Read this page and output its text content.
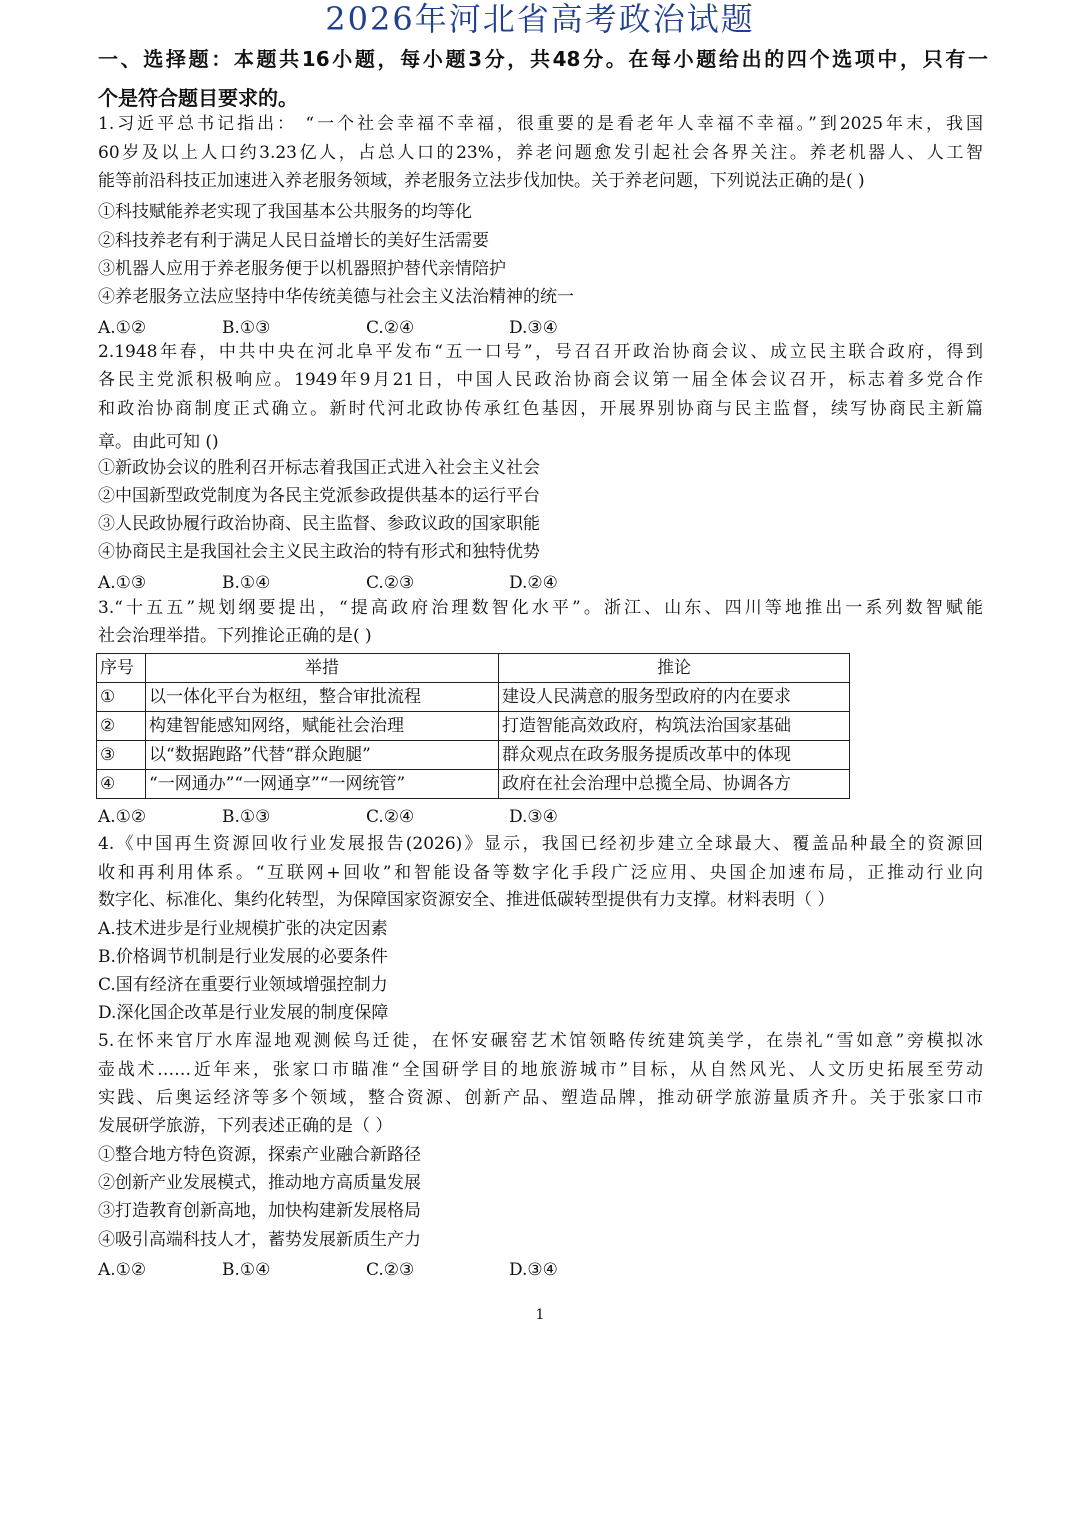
2026年河北省高考政治试题
一、选择题：本题共16小题，每小题3分，共48分。在每小题给出的四个选项中，只有一
个是符合题目要求的。
1.习近平总书记指出： “一个社会幸福不幸福，很重要的是看老年人幸福不幸福。”到2025年末，我国
60岁及以上人口约3.23亿人，占总人口的23%，养老问题愈发引起社会各界关注。养老机器人、人工智
能等前沿科技正加速进入养老服务领域，养老服务立法步伐加快。关于养老问题，下列说法正确的是( )
①科技赋能养老实现了我国基本公共服务的均等化
②科技养老有利于满足人民日益增长的美好生活需要
③机器人应用于养老服务便于以机器照护替代亲情陪护
④养老服务立法应坚持中华传统美德与社会主义法治精神的统一
A.①②	B.①③	C.②④	D.③④
2.1948年春，中共中央在河北阜平发布“五一口号”，号召召开政治协商会议、成立民主联合政府，得到
各民主党派积极响应。1949年9月21日，中国人民政治协商会议第一届全体会议召开，标志着多党合作
和政治协商制度正式确立。新时代河北政协传承红色基因，开展界别协商与民主监督，续写协商民主新篇
章。由此可知 ()
①新政协会议的胜利召开标志着我国正式进入社会主义社会
②中国新型政党制度为各民主党派参政提供基本的运行平台
③人民政协履行政治协商、民主监督、参政议政的国家职能
④协商民主是我国社会主义民主政治的特有形式和独特优势
A.①③	B.①④	C.②③	D.②④
3.“十五五”规划纲要提出，“提高政府治理数智化水平”。浙江、山东、四川等地推出一系列数智赋能
社会治理举措。下列推论正确的是( )
序号	举措	推论
①	以一体化平台为枢纽，整合审批流程	建设人民满意的服务型政府的内在要求
②	构建智能感知网络，赋能社会治理	打造智能高效政府，构筑法治国家基础
③	以“数据跑路”代替“群众跑腿”	群众观点在政务服务提质改革中的体现
④	“一网通办”“一网通享”“一网统管”	政府在社会治理中总揽全局、协调各方
A.①②	B.①③	C.②④	D.③④
4.《中国再生资源回收行业发展报告(2026)》显示，我国已经初步建立全球最大、覆盖品种最全的资源回
收和再利用体系。“互联网+回收”和智能设备等数字化手段广泛应用、央国企加速布局，正推动行业向
数字化、标准化、集约化转型，为保障国家资源安全、推进低碳转型提供有力支撑。材料表明（ ）
A.技术进步是行业规模扩张的决定因素
B.价格调节机制是行业发展的必要条件
C.国有经济在重要行业领域增强控制力
D.深化国企改革是行业发展的制度保障
5.在怀来官厅水库湿地观测候鸟迁徙，在怀安碾窑艺术馆领略传统建筑美学，在崇礼“雪如意”旁模拟冰
壶战术……近年来，张家口市瞄准“全国研学目的地旅游城市”目标，从自然风光、人文历史拓展至劳动
实践、后奥运经济等多个领域，整合资源、创新产品、塑造品牌，推动研学旅游量质齐升。关于张家口市
发展研学旅游，下列表述正确的是（ ）
①整合地方特色资源，探索产业融合新路径
②创新产业发展模式，推动地方高质量发展
③打造教育创新高地，加快构建新发展格局
④吸引高端科技人才，蓄势发展新质生产力
A.①②	B.①④	C.②③	D.③④
1
